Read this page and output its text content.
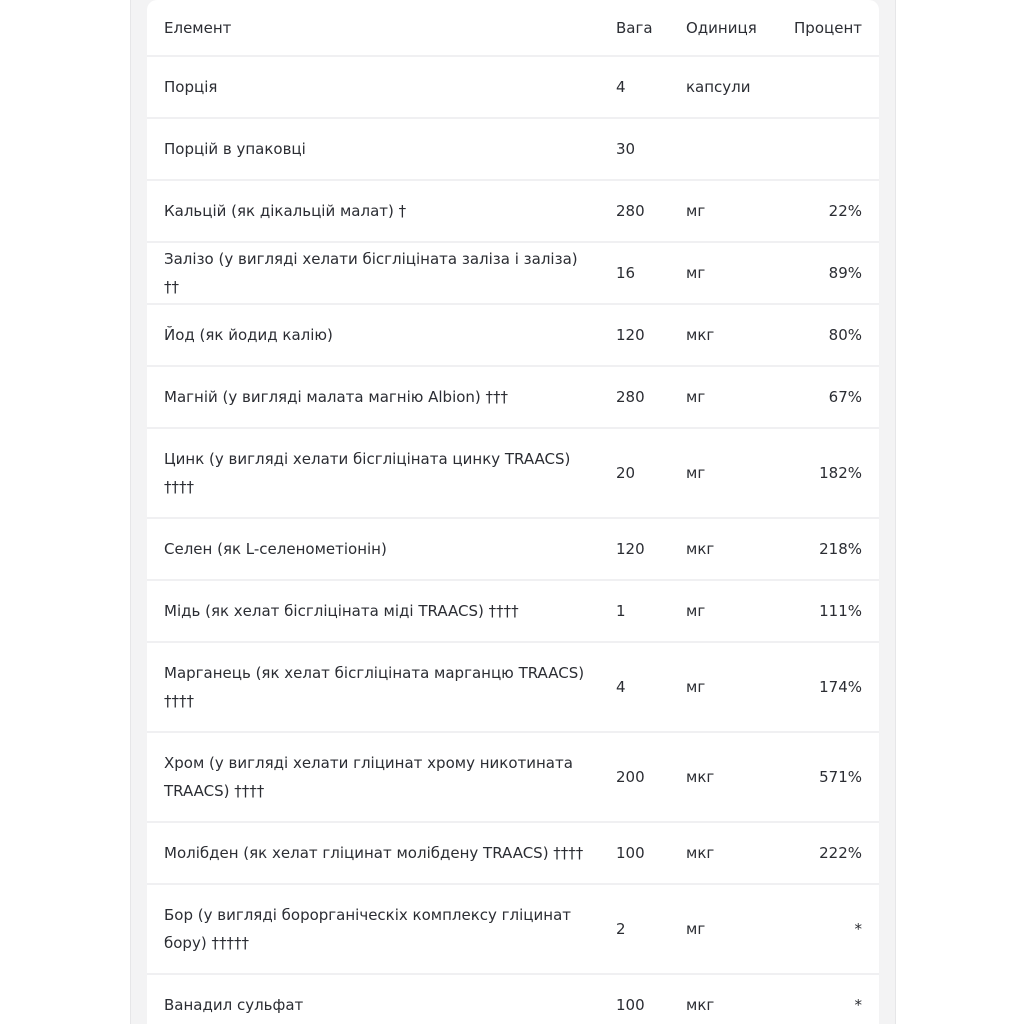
Елемент	Вага	Одиниця	Процент
Порція	4	капсули	
Порцій в упаковці	30		
Кальцій (як дікальцій малат) †	280	мг	22%
Залізо (у вигляді хелати бісгліціната заліза і заліза) ††	16	мг	89%
Йод (як йодид калію)	120	мкг	80%
Магній (у вигляді малата магнію Albion) †††	280	мг	67%
Цинк (у вигляді хелати бісгліціната цинку TRAACS) ††††	20	мг	182%
Селен (як L-селенометіонін)	120	мкг	218%
Мідь (як хелат бісгліціната міді TRAACS) ††††	1	мг	111%
Марганець (як хелат бісгліціната марганцю TRAACS) ††††	4	мг	174%
Хром (у вигляді хелати гліцинат хрому никотината TRAACS) ††††	200	мкг	571%
Молібден (як хелат гліцинат молібдену TRAACS) ††††	100	мкг	222%
Бор (у вигляді борорганіческіх комплексу гліцинат бору) †††††	2	мг	*
Ванадил сульфат	100	мкг	*
